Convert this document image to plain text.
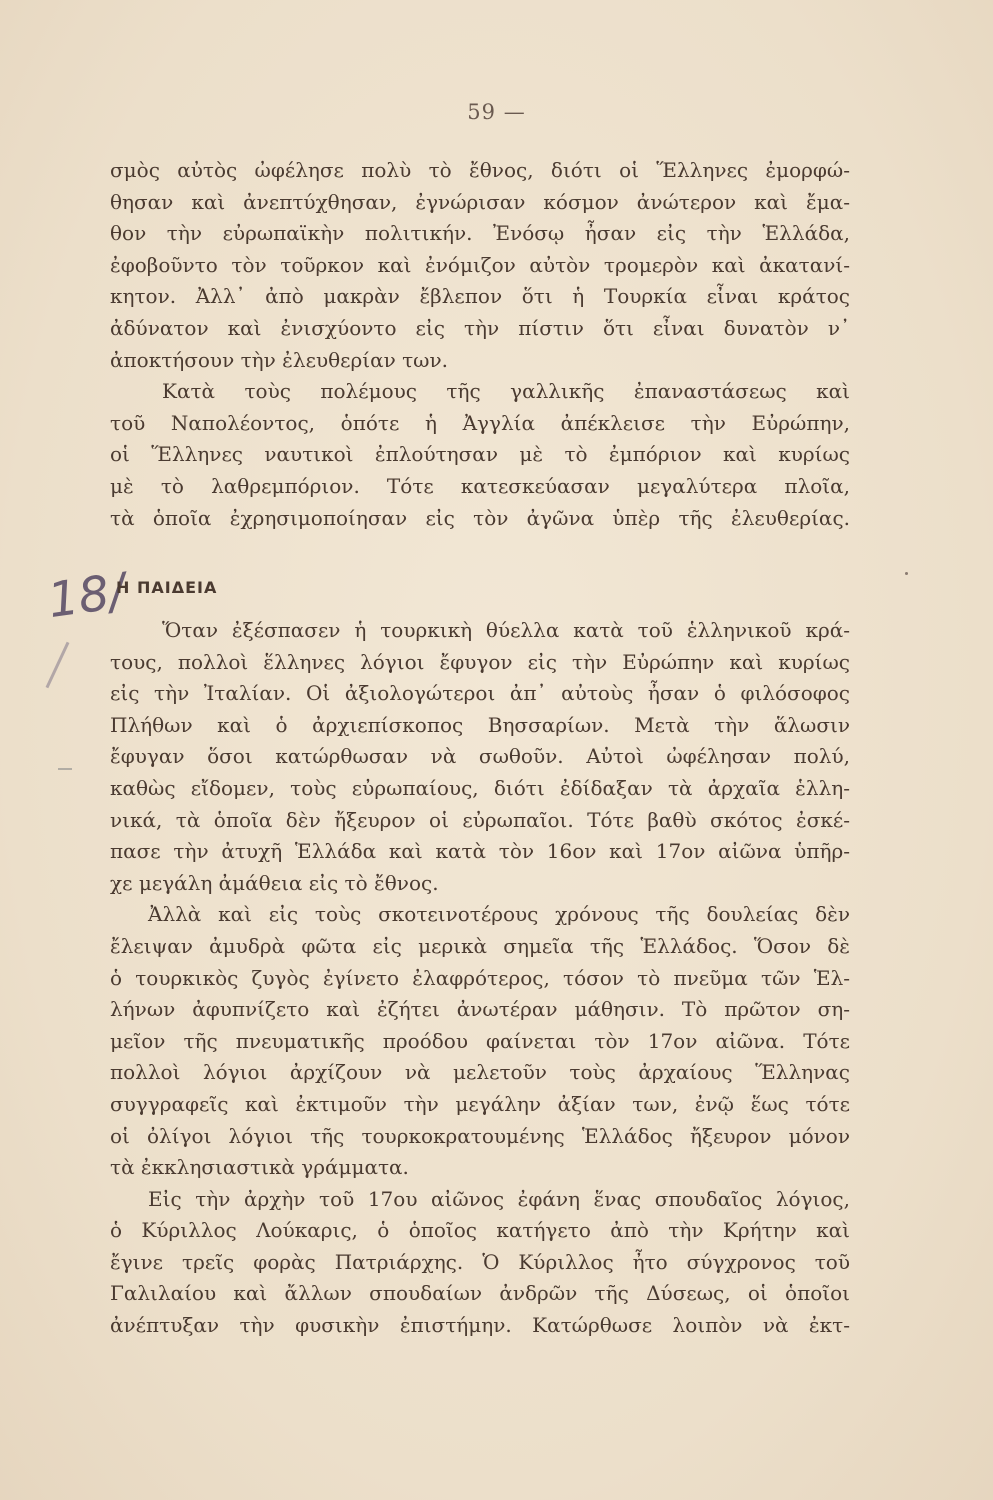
59 —
σμὸς αὐτὸς ὠφέλησε πολὺ τὸ ἔθνος, διότι οἱ Ἕλληνες ἐμορφώ-
θησαν καὶ ἀνεπτύχθησαν, ἐγνώρισαν κόσμον ἀνώτερον καὶ ἔμα-
θον τὴν εὐρωπαϊκὴν πολιτικήν. Ἐνόσῳ ἦσαν εἰς τὴν Ἑλλάδα,
ἐφοβοῦντο τὸν τοῦρκον καὶ ἐνόμιζον αὐτὸν τρομερὸν καὶ ἀκατανί-
κητον. Ἀλλ᾽ ἀπὸ μακρὰν ἔβλεπον ὅτι ἡ Τουρκία εἶναι κράτος
ἀδύνατον καὶ ἐνισχύοντο εἰς τὴν πίστιν ὅτι εἶναι δυνατὸν ν᾽
ἀποκτήσουν τὴν ἐλευθερίαν των.
Κατὰ τοὺς πολέμους τῆς γαλλικῆς ἐπαναστάσεως καὶ
τοῦ Ναπολέοντος, ὁπότε ἡ Ἀγγλία ἀπέκλεισε τὴν Εὐρώπην,
οἱ Ἕλληνες ναυτικοὶ ἐπλούτησαν μὲ τὸ ἐμπόριον καὶ κυρίως
μὲ τὸ λαθρεμπόριον. Τότε κατεσκεύασαν μεγαλύτερα πλοῖα,
τὰ ὁποῖα ἐχρησιμοποίησαν εἰς τὸν ἀγῶνα ὑπὲρ τῆς ἐλευθερίας.
18/
Η ΠΑΙΔΕΙΑ
Ὅταν ἐξέσπασεν ἡ τουρκικὴ θύελλα κατὰ τοῦ ἑλληνικοῦ κρά-
τους, πολλοὶ ἕλληνες λόγιοι ἔφυγον εἰς τὴν Εὐρώπην καὶ κυρίως
εἰς τὴν Ἰταλίαν. Οἱ ἀξιολογώτεροι ἀπ᾽ αὐτοὺς ἦσαν ὁ φιλόσοφος
Πλήθων καὶ ὁ ἀρχιεπίσκοπος Βησσαρίων. Μετὰ τὴν ἅλωσιν
ἔφυγαν ὅσοι κατώρθωσαν νὰ σωθοῦν. Αὐτοὶ ὠφέλησαν πολύ,
καθὼς εἴδομεν, τοὺς εὐρωπαίους, διότι ἐδίδαξαν τὰ ἀρχαῖα ἑλλη-
νικά, τὰ ὁποῖα δὲν ἤξευρον οἱ εὐρωπαῖοι. Τότε βαθὺ σκότος ἐσκέ-
πασε τὴν ἀτυχῆ Ἑλλάδα καὶ κατὰ τὸν 16ον καὶ 17ον αἰῶνα ὑπῆρ-
χε μεγάλη ἀμάθεια εἰς τὸ ἔθνος.
Ἀλλὰ καὶ εἰς τοὺς σκοτεινοτέρους χρόνους τῆς δουλείας δὲν
ἔλειψαν ἀμυδρὰ φῶτα εἰς μερικὰ σημεῖα τῆς Ἑλλάδος. Ὅσον δὲ
ὁ τουρκικὸς ζυγὸς ἐγίνετο ἐλαφρότερος, τόσον τὸ πνεῦμα τῶν Ἑλ-
λήνων ἀφυπνίζετο καὶ ἐζήτει ἀνωτέραν μάθησιν. Τὸ πρῶτον ση-
μεῖον τῆς πνευματικῆς προόδου φαίνεται τὸν 17ον αἰῶνα. Τότε
πολλοὶ λόγιοι ἀρχίζουν νὰ μελετοῦν τοὺς ἀρχαίους Ἕλληνας
συγγραφεῖς καὶ ἐκτιμοῦν τὴν μεγάλην ἀξίαν των, ἐνῷ ἕως τότε
οἱ ὀλίγοι λόγιοι τῆς τουρκοκρατουμένης Ἑλλάδος ἤξευρον μόνον
τὰ ἐκκλησιαστικὰ γράμματα.
Εἰς τὴν ἀρχὴν τοῦ 17ου αἰῶνος ἐφάνη ἕνας σπουδαῖος λόγιος,
ὁ Κύριλλος Λούκαρις, ὁ ὁποῖος κατήγετο ἀπὸ τὴν Κρήτην καὶ
ἔγινε τρεῖς φορὰς Πατριάρχης. Ὁ Κύριλλος ἦτο σύγχρονος τοῦ
Γαλιλαίου καὶ ἄλλων σπουδαίων ἀνδρῶν τῆς Δύσεως, οἱ ὁποῖοι
ἀνέπτυξαν τὴν φυσικὴν ἐπιστήμην. Κατώρθωσε λοιπὸν νὰ ἐκτ-
